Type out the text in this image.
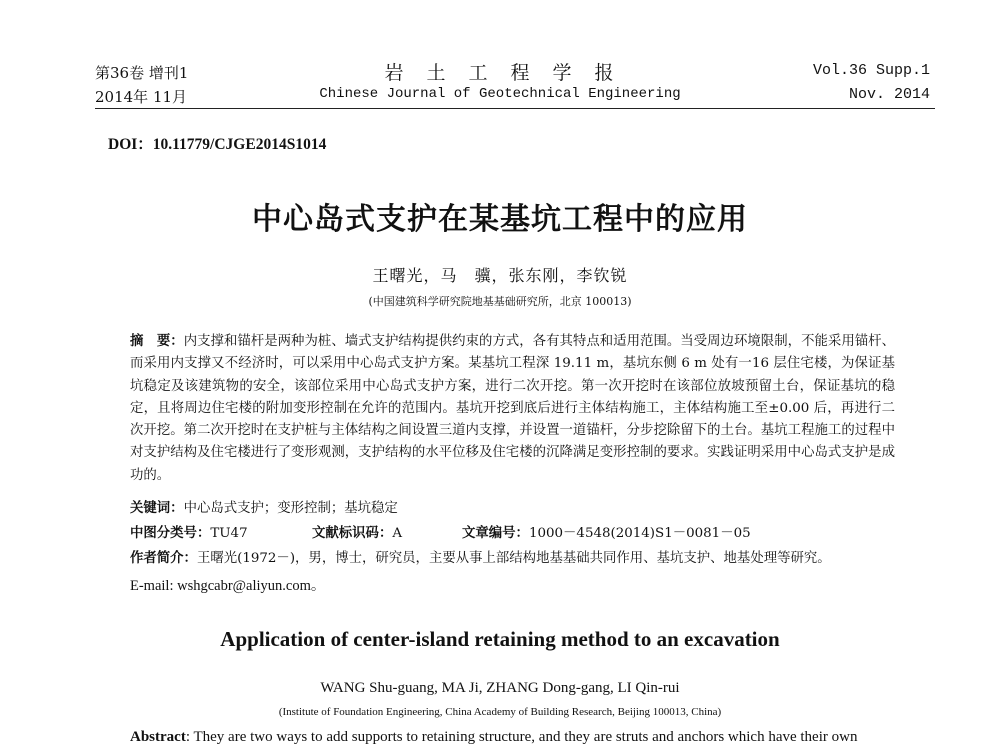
第36卷 增刊1
2014年 11月
岩　土　工　程　学　报
Chinese Journal of Geotechnical Engineering
Vol.36 Supp.1
Nov. 2014
DOI：10.11779/CJGE2014S1014
中心岛式支护在某基坑工程中的应用
王曙光，马　骥，张东刚，李钦锐
(中国建筑科学研究院地基基础研究所，北京 100013)
摘　要：内支撑和锚杆是两种为桩、墙式支护结构提供约束的方式，各有其特点和适用范围。当受周边环境限制，不能采用锚杆、而采用内支撑又不经济时，可以采用中心岛式支护方案。某基坑工程深 19.11 m，基坑东侧 6 m 处有一16 层住宅楼，为保证基坑稳定及该建筑物的安全，该部位采用中心岛式支护方案，进行二次开挖。第一次开挖时在该部位放坡预留土台，保证基坑的稳定，且将周边住宅楼的附加变形控制在允许的范围内。基坑开挖到底后进行主体结构施工，主体结构施工至±0.00 后，再进行二次开挖。第二次开挖时在支护桩与主体结构之间设置三道内支撑，并设置一道锚杆，分步挖除留下的土台。基坑工程施工的过程中对支护结构及住宅楼进行了变形观测，支护结构的水平位移及住宅楼的沉降满足变形控制的要求。实践证明采用中心岛式支护是成功的。
关键词：中心岛式支护；变形控制；基坑稳定
中图分类号：TU47	文献标识码：A	文章编号：1000－4548(2014)S1－0081－05
作者简介：王曙光(1972－)，男，博士，研究员，主要从事上部结构地基基础共同作用、基坑支护、地基处理等研究。
E-mail: wshgcabr@aliyun.com。
Application of center-island retaining method to an excavation
WANG Shu-guang, MA Ji, ZHANG Dong-gang, LI Qin-rui
(Institute of Foundation Engineering, China Academy of Building Research, Beijing 100013, China)
Abstract: They are two ways to add supports to retaining structure, and they are struts and anchors which have their own
